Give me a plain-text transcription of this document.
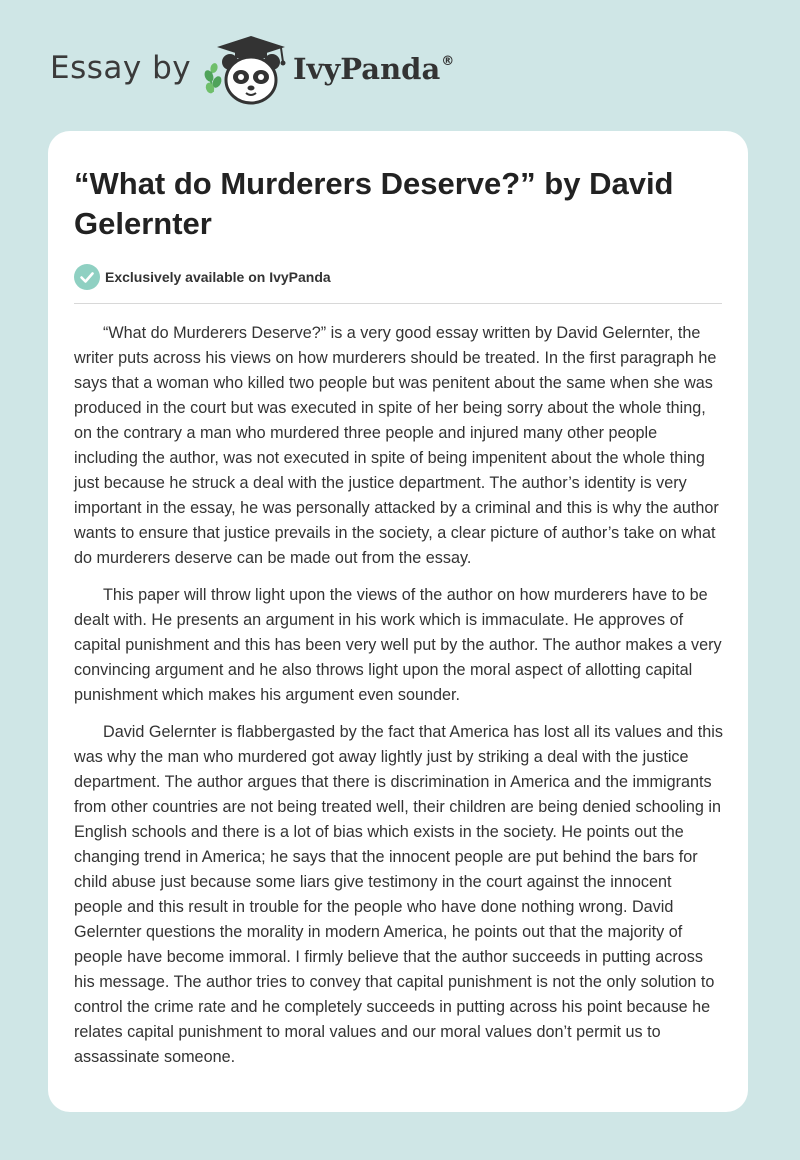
Essay by	IvyPanda®
“What do Murderers Deserve?” by David Gelernter
Exclusively available on IvyPanda

“What do Murderers Deserve?” is a very good essay written by David Gelernter, the writer puts across his views on how murderers should be treated. In the first paragraph he says that a woman who killed two people but was penitent about the same when she was produced in the court but was executed in spite of her being sorry about the whole thing, on the contrary a man who murdered three people and injured many other people including the author, was not executed in spite of being impenitent about the whole thing just because he struck a deal with the justice department. The author’s identity is very important in the essay, he was personally attacked by a criminal and this is why the author wants to ensure that justice prevails in the society, a clear picture of author’s take on what do murderers deserve can be made out from the essay.

This paper will throw light upon the views of the author on how murderers have to be dealt with. He presents an argument in his work which is immaculate. He approves of capital punishment and this has been very well put by the author. The author makes a very convincing argument and he also throws light upon the moral aspect of allotting capital punishment which makes his argument even sounder.

David Gelernter is flabbergasted by the fact that America has lost all its values and this was why the man who murdered got away lightly just by striking a deal with the justice department. The author argues that there is discrimination in America and the immigrants from other countries are not being treated well, their children are being denied schooling in English schools and there is a lot of bias which exists in the society. He points out the changing trend in America; he says that the innocent people are put behind the bars for child abuse just because some liars give testimony in the court against the innocent people and this result in trouble for the people who have done nothing wrong. David Gelernter questions the morality in modern America, he points out that the majority of people have become immoral. I firmly believe that the author succeeds in putting across his message. The author tries to convey that capital punishment is not the only solution to control the crime rate and he completely succeeds in putting across his point because he relates capital punishment to moral values and our moral values don’t permit us to assassinate someone.
